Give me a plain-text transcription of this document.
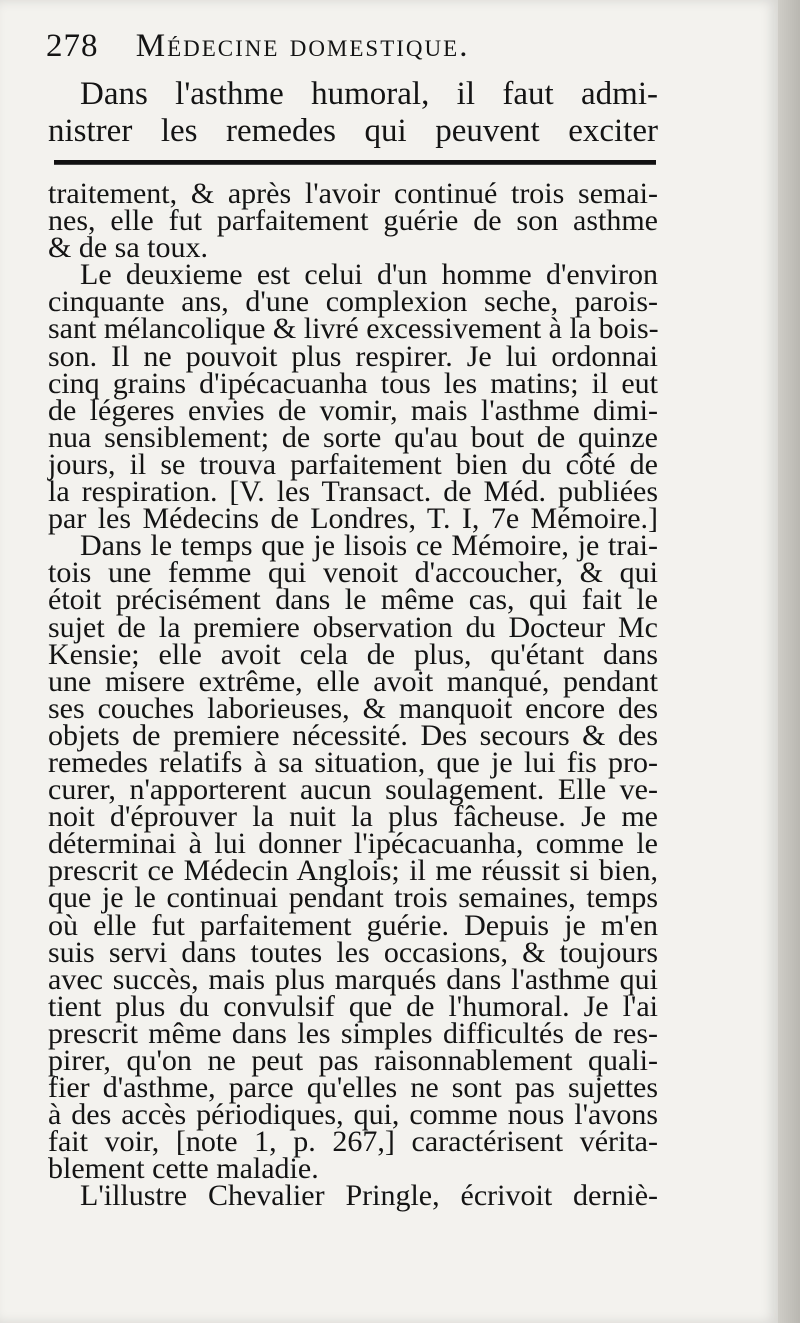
278 Médecine domestique.
Dans l'asthme humoral, il faut admi-
nistrer les remedes qui peuvent exciter
traitement, & après l'avoir continué trois semai-
nes, elle fut parfaitement guérie de son asthme
& de sa toux.
Le deuxieme est celui d'un homme d'environ
cinquante ans, d'une complexion seche, parois-
sant mélancolique & livré excessivement à la bois-
son. Il ne pouvoit plus respirer. Je lui ordonnai
cinq grains d'ipécacuanha tous les matins; il eut
de légeres envies de vomir, mais l'asthme dimi-
nua sensiblement; de sorte qu'au bout de quinze
jours, il se trouva parfaitement bien du côté de
la respiration. [V. les Transact. de Méd. publiées
par les Médecins de Londres, T. I, 7e Mémoire.]
Dans le temps que je lisois ce Mémoire, je trai-
tois une femme qui venoit d'accoucher, & qui
étoit précisément dans le même cas, qui fait le
sujet de la premiere observation du Docteur Mc
Kensie; elle avoit cela de plus, qu'étant dans
une misere extrême, elle avoit manqué, pendant
ses couches laborieuses, & manquoit encore des
objets de premiere nécessité. Des secours & des
remedes relatifs à sa situation, que je lui fis pro-
curer, n'apporterent aucun soulagement. Elle ve-
noit d'éprouver la nuit la plus fâcheuse. Je me
déterminai à lui donner l'ipécacuanha, comme le
prescrit ce Médecin Anglois; il me réussit si bien,
que je le continuai pendant trois semaines, temps
où elle fut parfaitement guérie. Depuis je m'en
suis servi dans toutes les occasions, & toujours
avec succès, mais plus marqués dans l'asthme qui
tient plus du convulsif que de l'humoral. Je l'ai
prescrit même dans les simples difficultés de res-
pirer, qu'on ne peut pas raisonnablement quali-
fier d'asthme, parce qu'elles ne sont pas sujettes
à des accès périodiques, qui, comme nous l'avons
fait voir, [note 1, p. 267,] caractérisent vérita-
blement cette maladie.
L'illustre Chevalier Pringle, écrivoit derniè-
